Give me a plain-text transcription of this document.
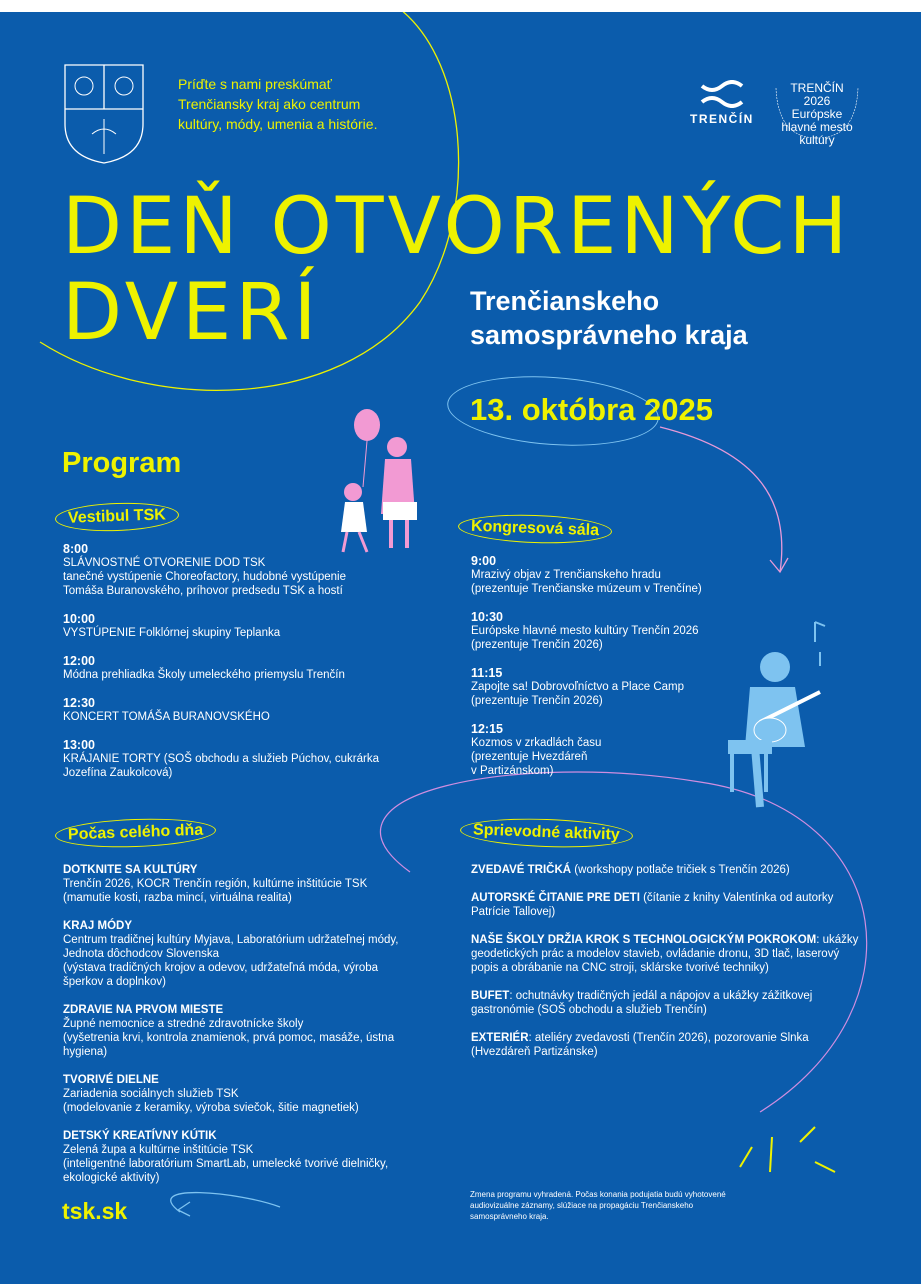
Príďte s nami preskúmať
Trenčiansky kraj ako centrum
kultúry, módy, umenia a histórie.	TRENČÍN
TRENČÍN 2026 Európske hlavné mesto kultúry
DEŇ OTVORENÝCH
DVERÍ	Trenčianskeho
samosprávneho kraja
13. októbra 2025
Program
Vestibul TSK
8:00
SLÁVNOSTNÉ OTVORENIE DOD TSK
tanečné vystúpenie Choreofactory, hudobné vystúpenie
Tomáša Buranovského, príhovor predsedu TSK a hostí
10:00
VYSTÚPENIE Folklórnej skupiny Teplanka
12:00
Módna prehliadka Školy umeleckého priemyslu Trenčín
12:30
KONCERT TOMÁŠA BURANOVSKÉHO
13:00
KRÁJANIE TORTY (SOŠ obchodu a služieb Púchov, cukrárka
Jozefína Zaukolcová)
Kongresová sála
9:00
Mrazivý objav z Trenčianskeho hradu
(prezentuje Trenčianske múzeum v Trenčíne)
10:30
Európske hlavné mesto kultúry Trenčín 2026
(prezentuje Trenčín 2026)
11:15
Zapojte sa! Dobrovoľníctvo a Place Camp
(prezentuje Trenčín 2026)
12:15
Kozmos v zrkadlách času
(prezentuje Hvezdáreň
v Partizánskom)
Počas celého dňa
DOTKNITE SA KULTÚRY
Trenčín 2026, KOCR Trenčín región, kultúrne inštitúcie TSK
(mamutie kosti, razba mincí, virtuálna realita)
KRAJ MÓDY
Centrum tradičnej kultúry Myjava, Laboratórium udržateľnej módy,
Jednota dôchodcov Slovenska
(výstava tradičných krojov a odevov, udržateľná móda, výroba
šperkov a doplnkov)
ZDRAVIE NA PRVOM MIESTE
Župné nemocnice a stredné zdravotnícke školy
(vyšetrenia krvi, kontrola znamienok, prvá pomoc, masáže, ústna
hygiena)
TVORIVÉ DIELNE
Zariadenia sociálnych služieb TSK
(modelovanie z keramiky, výroba sviečok, šitie magnetiek)
DETSKÝ KREATÍVNY KÚTIK
Zelená župa a kultúrne inštitúcie TSK
(inteligentné laboratórium SmartLab, umelecké tvorivé dielničky,
ekologické aktivity)
Sprievodné aktivity
ZVEDAVÉ TRIČKÁ (workshopy potlače tričiek s Trenčín 2026)
AUTORSKÉ ČITANIE PRE DETI (čítanie z knihy Valentínka od autorky Patrície Tallovej)
NAŠE ŠKOLY DRŽIA KROK S TECHNOLOGICKÝM POKROKOM: ukážky geodetických prác a modelov stavieb, ovládanie dronu, 3D tlač, laserový popis a obrábanie na CNC stroji, sklárske tvorivé techniky)
BUFET: ochutnávky tradičných jedál a nápojov a ukážky zážitkovej gastronómie (SOŠ obchodu a služieb Trenčín)
EXTERIÉR: ateliéry zvedavosti (Trenčín 2026), pozorovanie Slnka (Hvezdáreň Partizánske)
Zmena programu vyhradená. Počas konania podujatia budú vyhotovené audiovizuálne záznamy, slúžiace na propagáciu Trenčianskeho samosprávneho kraja.
tsk.sk
